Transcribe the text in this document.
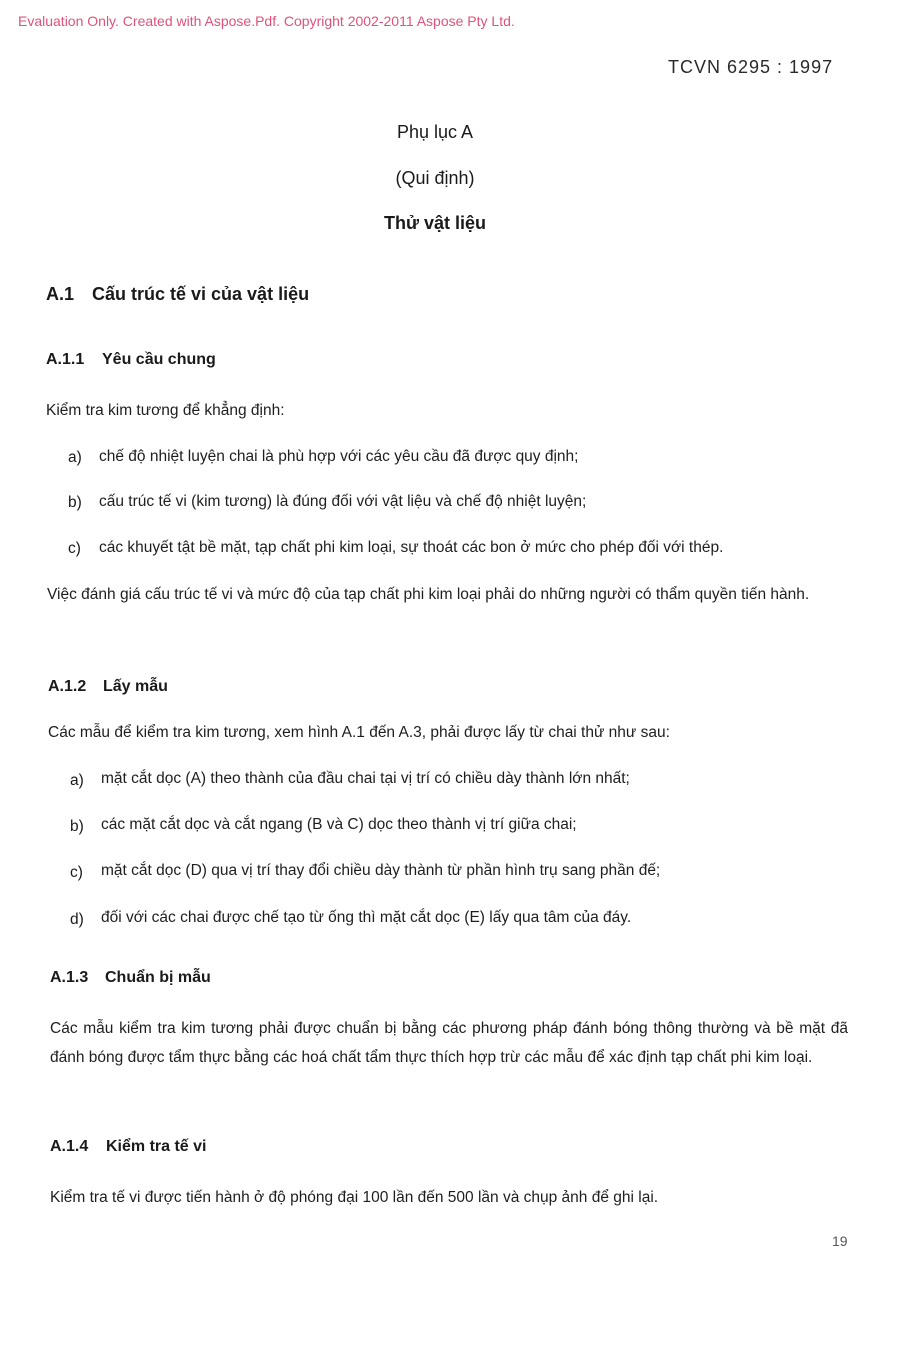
Evaluation Only. Created with Aspose.Pdf. Copyright 2002-2011 Aspose Pty Ltd.
TCVN 6295 : 1997
Phụ lục A
(Qui định)
Thử vật liệu
A.1 Cấu trúc tế vi của vật liệu
A.1.1 Yêu cầu chung
Kiểm tra kim tương để khẳng định:
a) chế độ nhiệt luyện chai là phù hợp với các yêu cầu đã được quy định;
b) cấu trúc tế vi (kim tương) là đúng đối với vật liệu và chế độ nhiệt luyện;
c) các khuyết tật bề mặt, tạp chất phi kim loại, sự thoát các bon ở mức cho phép đối với thép.
Việc đánh giá cấu trúc tế vi và mức độ của tạp chất phi kim loại phải do những người có thẩm quyền tiến hành.
A.1.2 Lấy mẫu
Các mẫu để kiểm tra kim tương, xem hình A.1 đến A.3, phải được lấy từ chai thử như sau:
a) mặt cắt dọc (A) theo thành của đầu chai tại vị trí có chiều dày thành lớn nhất;
b) các mặt cắt dọc và cắt ngang (B và C) dọc theo thành vị trí giữa chai;
c) mặt cắt dọc (D) qua vị trí thay đổi chiều dày thành từ phần hình trụ sang phần đế;
d) đối với các chai được chế tạo từ ống thì mặt cắt dọc (E) lấy qua tâm của đáy.
A.1.3 Chuẩn bị mẫu
Các mẫu kiểm tra kim tương phải được chuẩn bị bằng các phương pháp đánh bóng thông thường và bề mặt đã đánh bóng được tẩm thực bằng các hoá chất tẩm thực thích hợp trừ các mẫu để xác định tạp chất phi kim loại.
A.1.4 Kiểm tra tế vi
Kiểm tra tế vi được tiến hành ở độ phóng đại 100 lần đến 500 lần và chụp ảnh để ghi lại.
19
